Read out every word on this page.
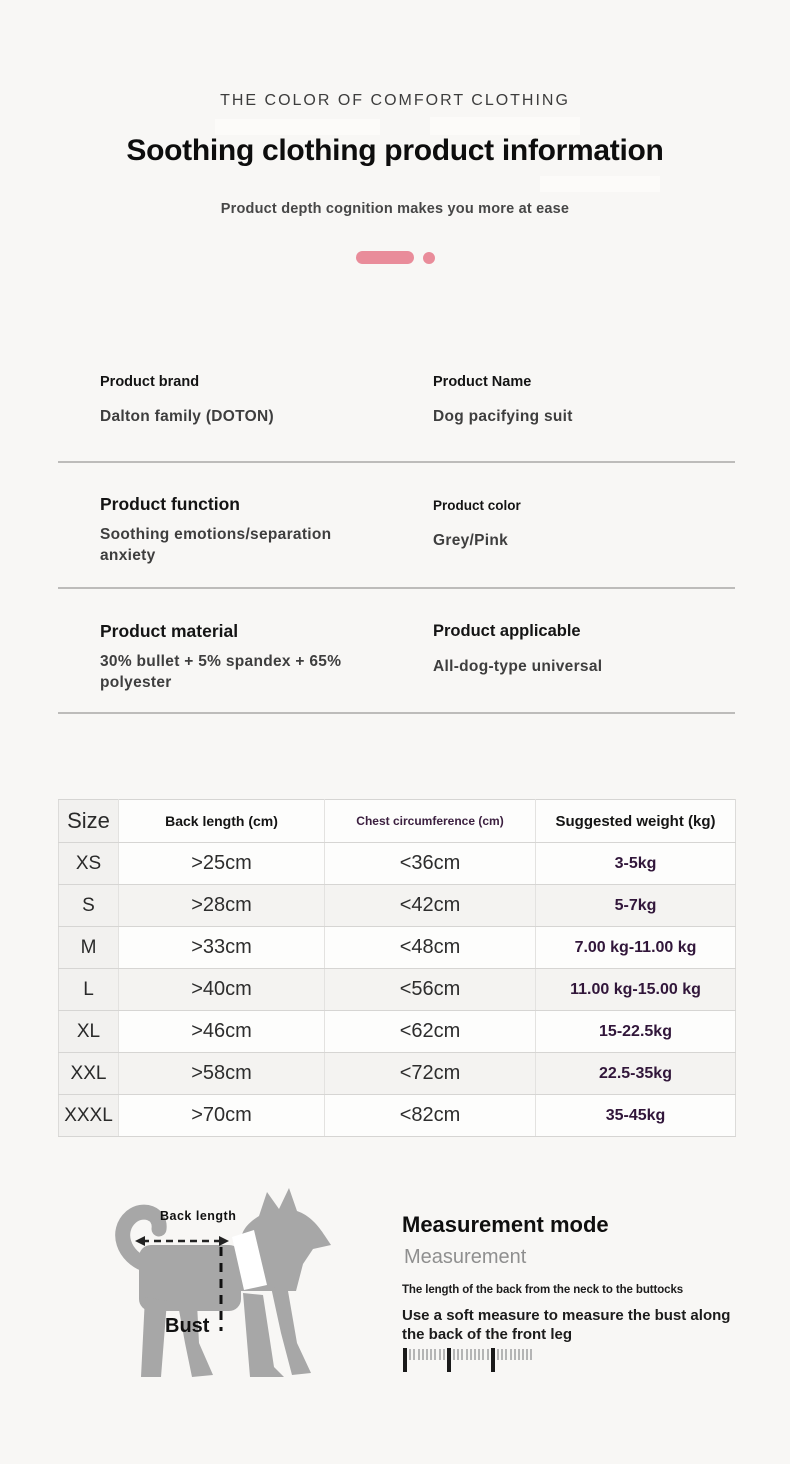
THE COLOR OF COMFORT CLOTHING
Soothing clothing product information
Product depth cognition makes you more at ease
Product brand
Dalton family (DOTON)
Product Name
Dog pacifying suit
Product function
Soothing emotions/separation anxiety
Product color
Grey/Pink
Product material
30% bullet + 5% spandex + 65% polyester
Product applicable
All-dog-type universal
Size	Back length (cm)	Chest circumference (cm)	Suggested weight (kg)
XS	>25cm	<36cm	3-5kg
S	>28cm	<42cm	5-7kg
M	>33cm	<48cm	7.00 kg-11.00 kg
L	>40cm	<56cm	11.00 kg-15.00 kg
XL	>46cm	<62cm	15-22.5kg
XXL	>58cm	<72cm	22.5-35kg
XXXL	>70cm	<82cm	35-45kg
Back length
Bust
Measurement mode
Measurement
The length of the back from the neck to the buttocks
Use a soft measure to measure the bust along the back of the front leg
